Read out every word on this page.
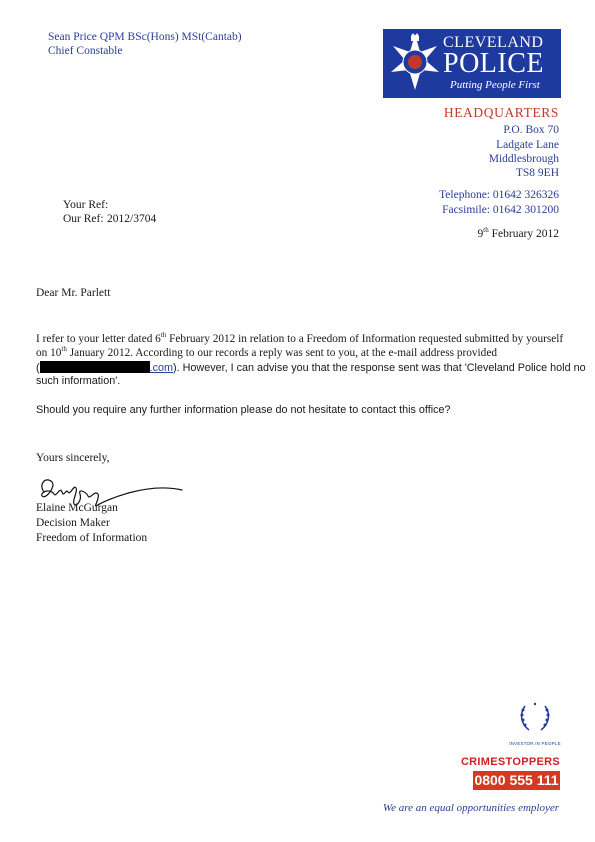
Sean Price QPM BSc(Hons) MSt(Cantab)
Chief Constable	CLEVELAND
POLICE
Putting People First
HEADQUARTERS
P.O. Box 70
Ladgate Lane
Middlesbrough
TS8 9EH
Telephone: 01642 326326
Facsimile: 01642 301200
Your Ref:
Our Ref: 2012/3704
9th February 2012
Dear Mr. Parlett
I refer to your letter dated 6th February 2012 in relation to a Freedom of Information requested submitted by yourself
on 10th January 2012. According to our records a reply was sent to you, at the e-mail address provided
(	.com). However, I can advise you that the response sent was that 'Cleveland Police hold no
such information'.
Should you require any further information please do not hesitate to contact this office?
Yours sincerely,
Elaine McGurgan
Decision Maker
Freedom of Information
INVESTOR IN PEOPLE
CRIMESTOPPERS
0800 555 111
We are an equal opportunities employer
